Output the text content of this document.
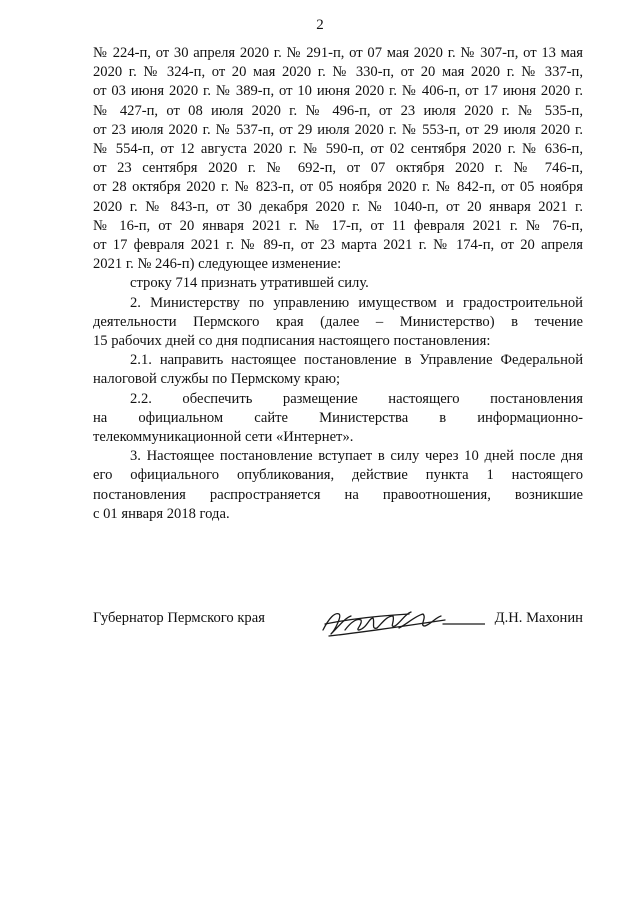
2
№ 224-п, от 30 апреля 2020 г. № 291-п, от 07 мая 2020 г. № 307-п, от 13 мая
2020 г. № 324-п, от 20 мая 2020 г. № 330-п, от 20 мая 2020 г. № 337-п,
от 03 июня 2020 г. № 389-п, от 10 июня 2020 г. № 406-п, от 17 июня 2020 г.
№ 427-п, от 08 июля 2020 г. № 496-п, от 23 июля 2020 г. № 535-п,
от 23 июля 2020 г. № 537-п, от 29 июля 2020 г. № 553-п, от 29 июля 2020 г.
№ 554-п, от 12 августа 2020 г. № 590-п, от 02 сентября 2020 г. № 636-п,
от 23 сентября 2020 г. № 692-п, от 07 октября 2020 г. № 746-п,
от 28 октября 2020 г. № 823-п, от 05 ноября 2020 г. № 842-п, от 05 ноября
2020 г. № 843-п, от 30 декабря 2020 г. № 1040-п, от 20 января 2021 г.
№ 16-п, от 20 января 2021 г. № 17-п, от 11 февраля 2021 г. № 76-п,
от 17 февраля 2021 г. № 89-п, от 23 марта 2021 г. № 174-п, от 20 апреля
2021 г. № 246-п) следующее изменение:
строку 714 признать утратившей силу.
2. Министерству по управлению имуществом и градостроительной
деятельности Пермского края (далее – Министерство) в течение
15 рабочих дней со дня подписания настоящего постановления:
2.1. направить настоящее постановление в Управление Федеральной
налоговой службы по Пермскому краю;
2.2. обеспечить размещение настоящего постановления
на официальном сайте Министерства в информационно-
телекоммуникационной сети «Интернет».
3. Настоящее постановление вступает в силу через 10 дней после дня
его официального опубликования, действие пункта 1 настоящего
постановления распространяется на правоотношения, возникшие
с 01 января 2018 года.
Губернатор Пермского края	Д.Н. Махонин
